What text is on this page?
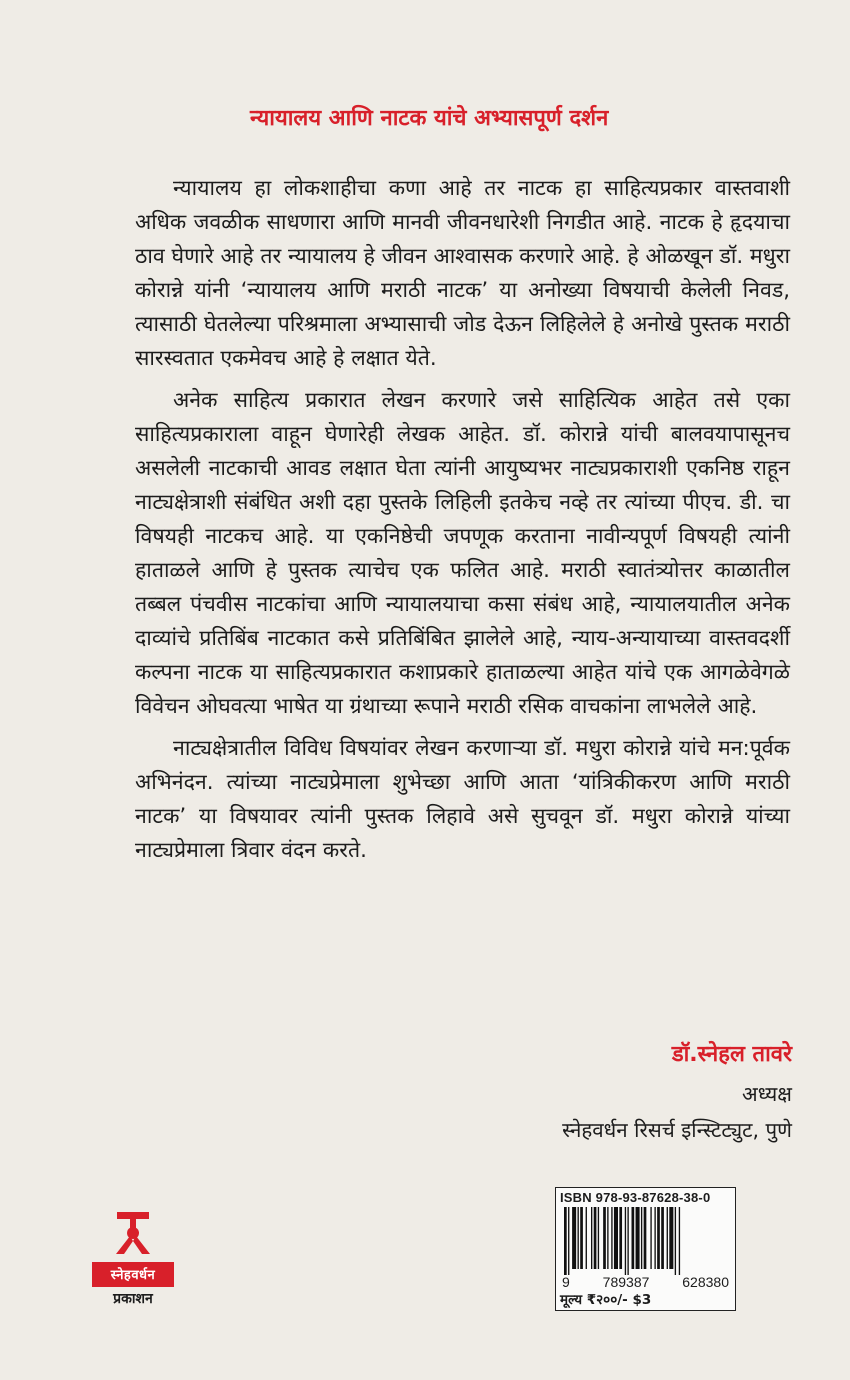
न्यायालय आणि नाटक यांचे अभ्यासपूर्ण दर्शन

न्यायालय हा लोकशाहीचा कणा आहे तर नाटक हा साहित्यप्रकार वास्तवाशी अधिक जवळीक साधणारा आणि मानवी जीवनधारेशी निगडीत आहे. नाटक हे हृदयाचा ठाव घेणारे आहे तर न्यायालय हे जीवन आश्वासक करणारे आहे. हे ओळखून डॉ. मधुरा कोरान्ने यांनी ‘न्यायालय आणि मराठी नाटक’ या अनोख्या विषयाची केलेली निवड, त्यासाठी घेतलेल्या परिश्रमाला अभ्यासाची जोड देऊन लिहिलेले हे अनोखे पुस्तक मराठी सारस्वतात एकमेवच आहे हे लक्षात येते.

अनेक साहित्य प्रकारात लेखन करणारे जसे साहित्यिक आहेत तसे एका साहित्यप्रकाराला वाहून घेणारेही लेखक आहेत. डॉ. कोरान्ने यांची बालवयापासूनच असलेली नाटकाची आवड लक्षात घेता त्यांनी आयुष्यभर नाट्यप्रकाराशी एकनिष्ठ राहून नाट्यक्षेत्राशी संबंधित अशी दहा पुस्तके लिहिली इतकेच नव्हे तर त्यांच्या पीएच. डी. चा विषयही नाटकच आहे. या एकनिष्ठेची जपणूक करताना नावीन्यपूर्ण विषयही त्यांनी हाताळले आणि हे पुस्तक त्याचेच एक फलित आहे. मराठी स्वातंत्र्योत्तर काळातील तब्बल पंचवीस नाटकांचा आणि न्यायालयाचा कसा संबंध आहे, न्यायालयातील अनेक दाव्यांचे प्रतिबिंब नाटकात कसे प्रतिबिंबित झालेले आहे, न्याय-अन्यायाच्या वास्तवदर्शी कल्पना नाटक या साहित्यप्रकारात कशाप्रकारे हाताळल्या आहेत यांचे एक आगळेवेगळे विवेचन ओघवत्या भाषेत या ग्रंथाच्या रूपाने मराठी रसिक वाचकांना लाभलेले आहे.

नाट्यक्षेत्रातील विविध विषयांवर लेखन करणाऱ्या डॉ. मधुरा कोरान्ने यांचे मन:पूर्वक अभिनंदन. त्यांच्या नाट्यप्रेमाला शुभेच्छा आणि आता ‘यांत्रिकीकरण आणि मराठी नाटक’ या विषयावर त्यांनी पुस्तक लिहावे असे सुचवून डॉ. मधुरा कोरान्ने यांच्या नाट्यप्रेमाला त्रिवार वंदन करते.

डॉ.स्नेहल तावरे
अध्यक्ष
स्नेहवर्धन रिसर्च इन्स्टिट्युट, पुणे
स्नेहवर्धन
प्रकाशन
ISBN 978-93-87628-38-0
9 789387 628380
मूल्य ₹२००/- $3
